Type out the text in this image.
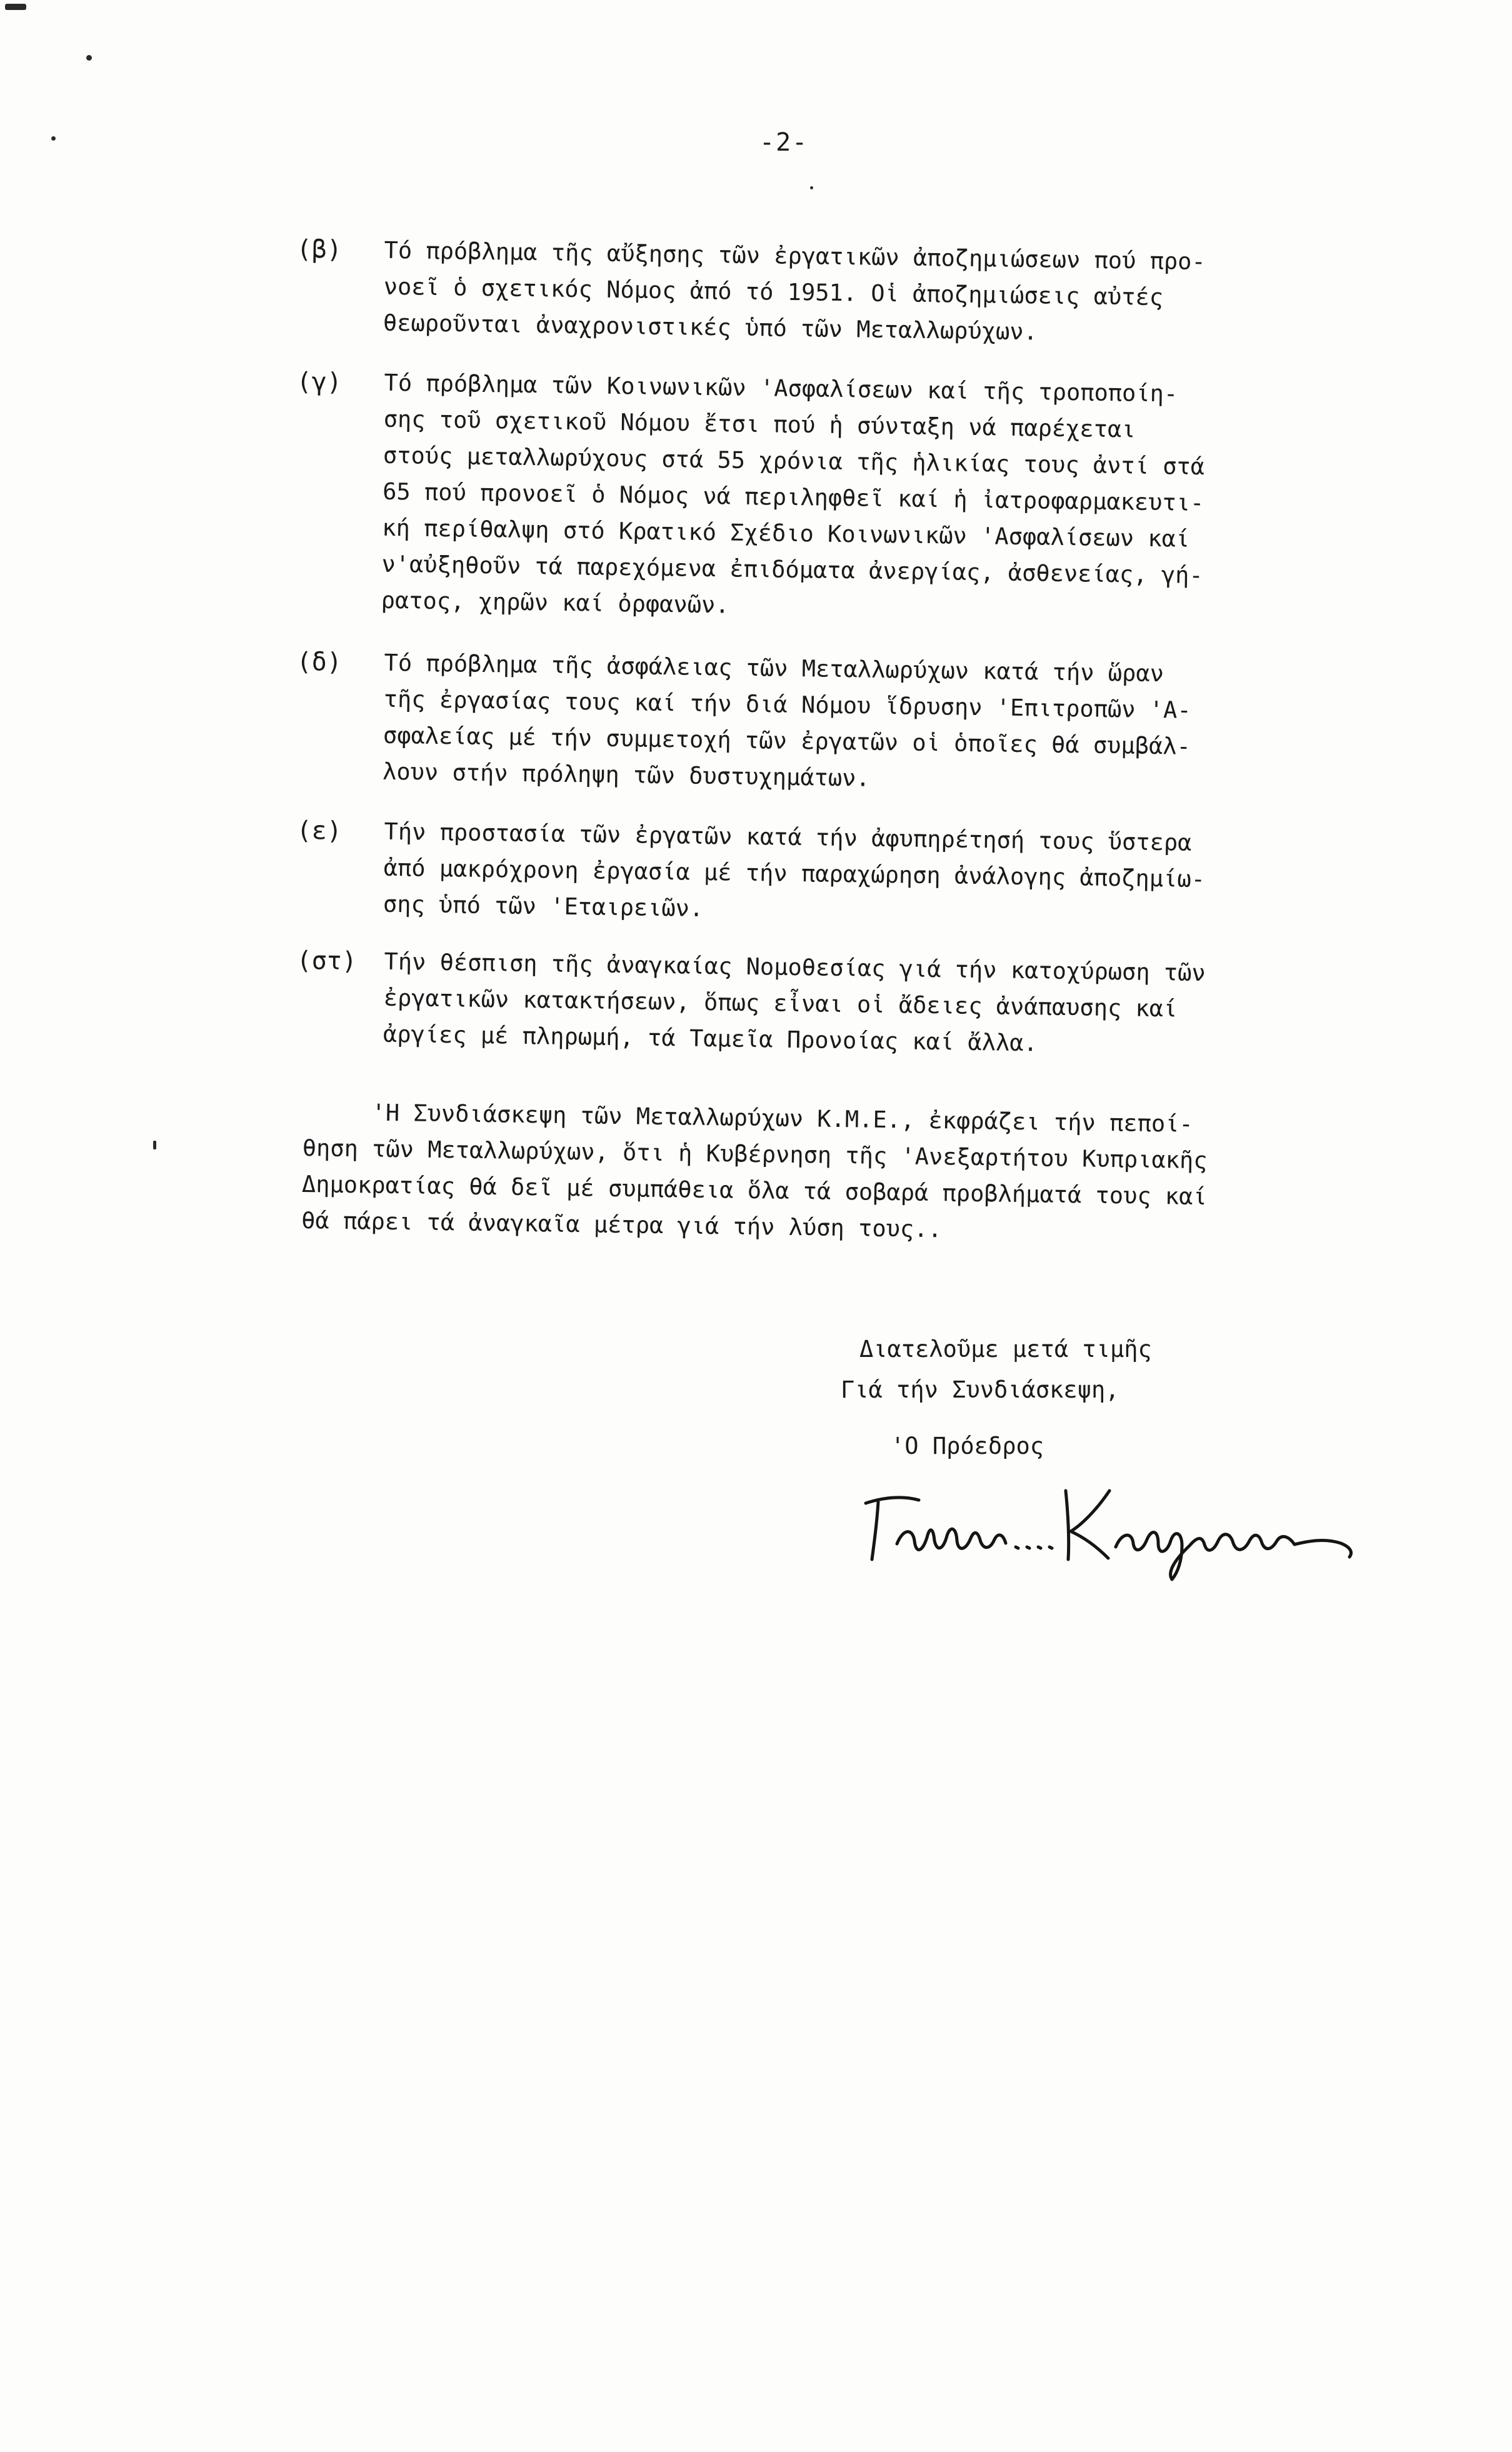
-2-
(β)	Τό πρόβλημα τῆς αὔξησης τῶν ἐργατικῶν ἀποζημιώσεων πού προ-
νοεῖ ὁ σχετικός Νόμος ἀπό τό 1951. Οἱ ἀποζημιώσεις αὐτές
θεωροῦνται ἀναχρονιστικές ὑπό τῶν Μεταλλωρύχων.
(γ)	Τό πρόβλημα τῶν Κοινωνικῶν 'Ασφαλίσεων καί τῆς τροποποίη-
σης τοῦ σχετικοῦ Νόμου ἔτσι πού ἡ σύνταξη νά παρέχεται
στούς μεταλλωρύχους στά 55 χρόνια τῆς ἡλικίας τους ἀντί στά
65 πού προνοεῖ ὁ Νόμος νά περιληφθεῖ καί ἡ ἰατροφαρμακευτι-
κή περίθαλψη στό Κρατικό Σχέδιο Κοινωνικῶν 'Ασφαλίσεων καί
ν'αὐξηθοῦν τά παρεχόμενα ἐπιδόματα ἀνεργίας, ἀσθενείας, γή-
ρατος, χηρῶν καί ὀρφανῶν.
(δ)	Τό πρόβλημα τῆς ἀσφάλειας τῶν Μεταλλωρύχων κατά τήν ὥραν
τῆς ἐργασίας τους καί τήν διά Νόμου ἵδρυσην 'Επιτροπῶν 'Α-
σφαλείας μέ τήν συμμετοχή τῶν ἐργατῶν οἱ ὁποῖες θά συμβάλ-
λουν στήν πρόληψη τῶν δυστυχημάτων.
(ε)	Τήν προστασία τῶν ἐργατῶν κατά τήν ἀφυπηρέτησή τους ὕστερα
ἀπό μακρόχρονη ἐργασία μέ τήν παραχώρηση ἀνάλογης ἀποζημίω-
σης ὑπό τῶν 'Εταιρειῶν.
(στ)	Τήν θέσπιση τῆς ἀναγκαίας Νομοθεσίας γιά τήν κατοχύρωση τῶν
ἐργατικῶν κατακτήσεων, ὅπως εἶναι οἱ ἄδειες ἀνάπαυσης καί
ἀργίες μέ πληρωμή, τά Ταμεῖα Προνοίας καί ἄλλα.
'Η Συνδιάσκεψη τῶν Μεταλλωρύχων Κ.Μ.Ε., ἐκφράζει τήν πεποί-
θηση τῶν Μεταλλωρύχων, ὅτι ἡ Κυβέρνηση τῆς 'Ανεξαρτήτου Κυπριακῆς
Δημοκρατίας θά δεῖ μέ συμπάθεια ὅλα τά σοβαρά προβλήματά τους καί
θά πάρει τά ἀναγκαῖα μέτρα γιά τήν λύση τους..
Διατελοῦμε μετά τιμῆς
Γιά τήν Συνδιάσκεψη,
'Ο Πρόεδρος
